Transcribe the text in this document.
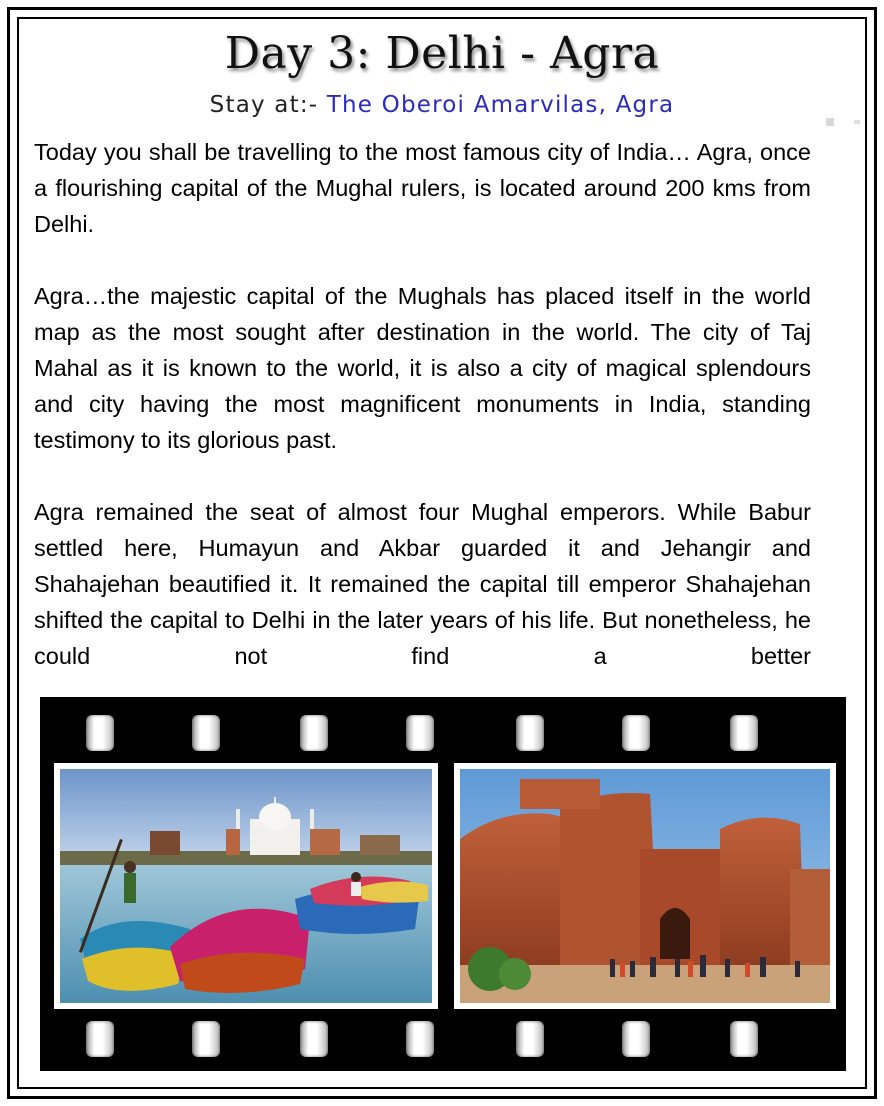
Day 3: Delhi - Agra
Stay at:- The Oberoi Amarvilas, Agra

Today you shall be travelling to the most famous city of India… Agra, once a flourishing capital of the Mughal rulers, is located around 200 kms from Delhi.

Agra…the majestic capital of the Mughals has placed itself in the world map as the most sought after destination in the world. The city of Taj Mahal as it is known to the world, it is also a city of magical splendours and city having the most magnificent monuments in India, standing testimony to its glorious past.

Agra remained the seat of almost four Mughal emperors. While Babur settled here, Humayun and Akbar guarded it and Jehangir and Shahajehan beautified it. It remained the capital till emperor Shahajehan shifted the capital to Delhi in the later years of his life. But nonetheless, he could not find a better
